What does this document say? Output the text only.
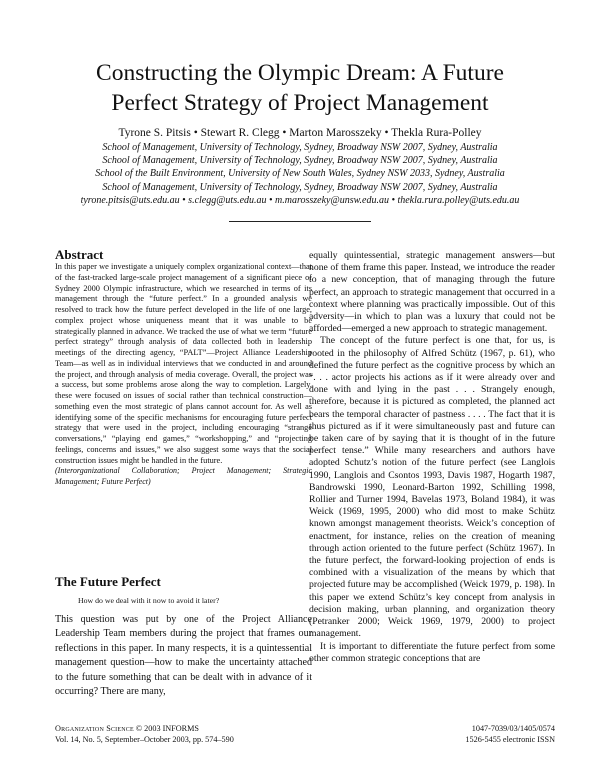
Constructing the Olympic Dream: A Future
Perfect Strategy of Project Management
Tyrone S. Pitsis • Stewart R. Clegg • Marton Marosszeky • Thekla Rura-Polley
School of Management, University of Technology, Sydney, Broadway NSW 2007, Sydney, Australia
School of Management, University of Technology, Sydney, Broadway NSW 2007, Sydney, Australia
School of the Built Environment, University of New South Wales, Sydney NSW 2033, Sydney, Australia
School of Management, University of Technology, Sydney, Broadway NSW 2007, Sydney, Australia
tyrone.pitsis@uts.edu.au • s.clegg@uts.edu.au • m.marosszeky@unsw.edu.au • thekla.rura.polley@uts.edu.au
Abstract

In this paper we investigate a uniquely complex organizational context—that of the fast-tracked large-scale project management of a significant piece of Sydney 2000 Olympic infrastructure, which we researched in terms of its management through the “future perfect.” In a grounded analysis we resolved to track how the future perfect developed in the life of one large, complex project whose uniqueness meant that it was unable to be strategically planned in advance. We tracked the use of what we term “future perfect strategy” through analysis of data collected both in leadership meetings of the directing agency, “PALT”—Project Alliance Leadership Team—as well as in individual interviews that we conducted in and around the project, and through analysis of media coverage. Overall, the project was a success, but some problems arose along the way to completion. Largely, these were focused on issues of social rather than technical construction—something even the most strategic of plans cannot account for. As well as identifying some of the specific mechanisms for encouraging future perfect strategy that were used in the project, including encouraging “strange conversations,” “playing end games,” “workshopping,” and “projecting feelings, concerns and issues,” we also suggest some ways that the social construction issues might be handled in the future.

(Interorganizational Collaboration; Project Management; Strategic Management; Future Perfect)

The Future Perfect
How do we deal with it now to avoid it later?

This question was put by one of the Project Alliance Leadership Team members during the project that frames our reflections in this paper. In many respects, it is a quintessential management question—how to make the uncertainty attached to the future something that can be dealt with in advance of it occurring? There are many,

equally quintessential, strategic management answers—but none of them frame this paper. Instead, we introduce the reader to a new conception, that of managing through the future perfect, an approach to strategic management that occurred in a context where planning was practically impossible. Out of this adversity—in which to plan was a luxury that could not be afforded—emerged a new approach to strategic management.

The concept of the future perfect is one that, for us, is rooted in the philosophy of Alfred Schütz (1967, p. 61), who defined the future perfect as the cognitive process by which an “. . . actor projects his actions as if it were already over and done with and lying in the past . . . Strangely enough, therefore, because it is pictured as completed, the planned act bears the temporal character of pastness . . . . The fact that it is thus pictured as if it were simultaneously past and future can be taken care of by saying that it is thought of in the future perfect tense.” While many researchers and authors have adopted Schutz’s notion of the future perfect (see Langlois 1990, Langlois and Csontos 1993, Davis 1987, Hogarth 1987, Bandrowski 1990, Leonard-Barton 1992, Schilling 1998, Rollier and Turner 1994, Bavelas 1973, Boland 1984), it was Weick (1969, 1995, 2000) who did most to make Schütz known amongst management theorists. Weick’s conception of enactment, for instance, relies on the creation of meaning through action oriented to the future perfect (Schütz 1967). In the future perfect, the forward-looking projection of ends is combined with a visualization of the means by which that projected future may be accomplished (Weick 1979, p. 198). In this paper we extend Schütz’s key concept from analysis in decision making, urban planning, and organization theory (Petranker 2000; Weick 1969, 1979, 2000) to project management.

It is important to differentiate the future perfect from some other common strategic conceptions that are

Organization Science © 2003 INFORMS
Vol. 14, No. 5, September–October 2003, pp. 574–590
1047-7039/03/1405/0574
1526-5455 electronic ISSN
